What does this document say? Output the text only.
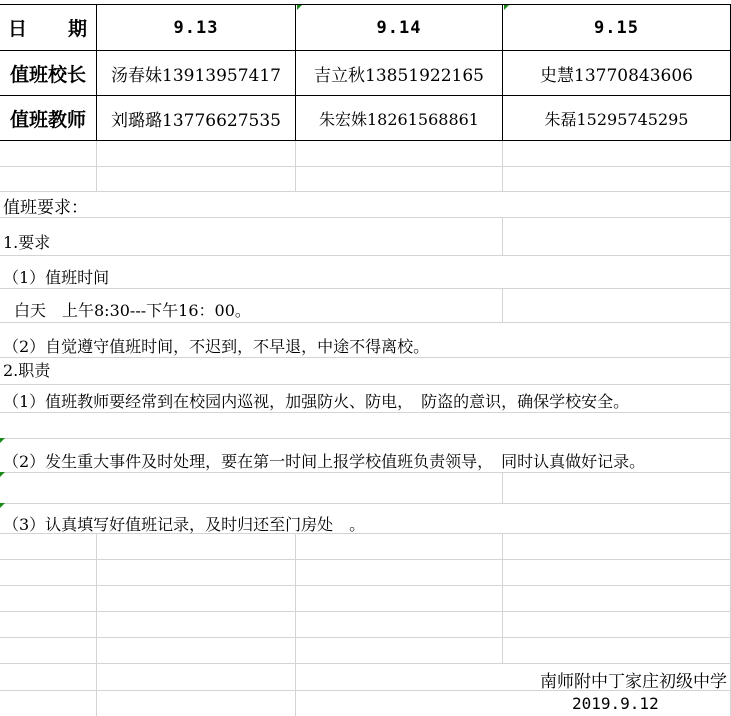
日　　期	9.13	9.14	9.15
值班校长	汤春妹13913957417	吉立秋13851922165	史慧13770843606
值班教师	刘璐璐13776627535	朱宏姝18261568861	朱磊15295745295
值班要求：
1.要求
（1）值班时间
白天　上午8:30---下午16：00。
（2）自觉遵守值班时间，不迟到，不早退，中途不得离校。
2.职责
（1）值班教师要经常到在校园内巡视，加强防火、防电，　防盗的意识，确保学校安全。
（2）发生重大事件及时处理，要在第一时间上报学校值班负责领导，　同时认真做好记录。
（3）认真填写好值班记录，及时归还至门房处　。
南师附中丁家庄初级中学
2019.9.12
